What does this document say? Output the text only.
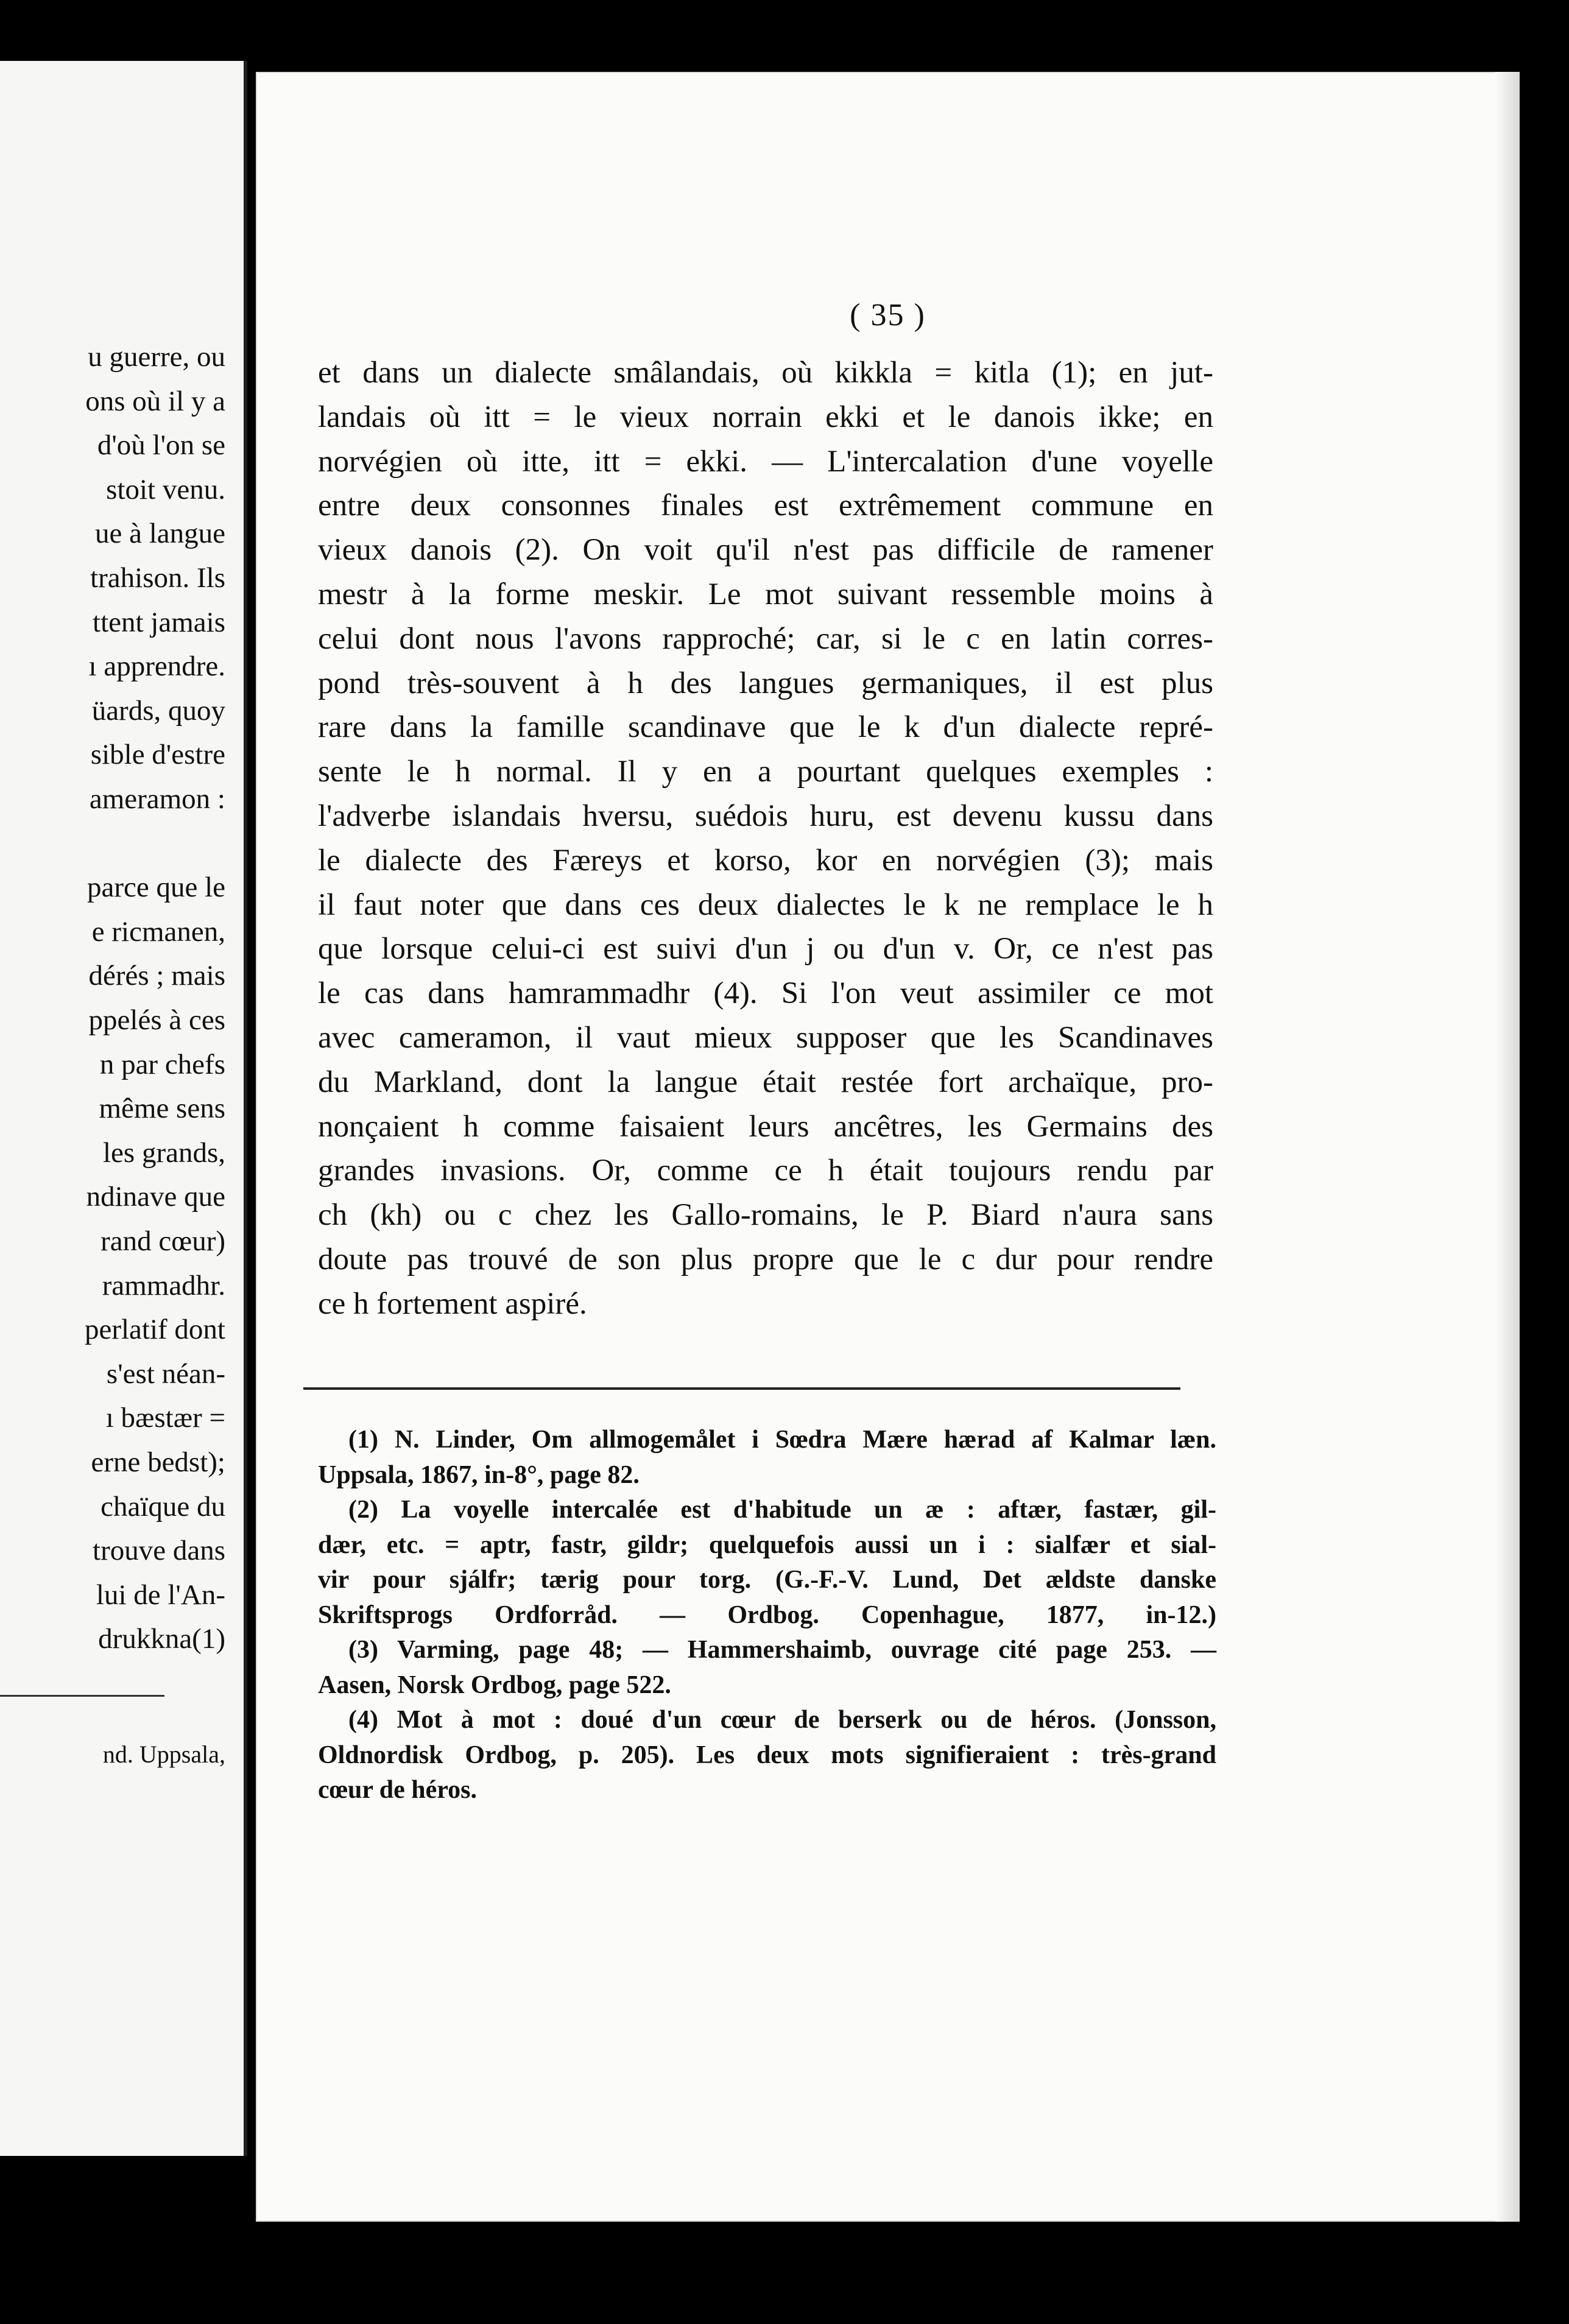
u guerre, ou
ons où il y a
d'où l'on se
stoit venu.
ue à langue
trahison. Ils
ttent jamais
ı apprendre.
üards, quoy
sible d'estre
ameramon :
parce que le
e ricmanen,
dérés ; mais
ppelés à ces
n par chefs
même sens
les grands,
ndinave que
rand cœur)
rammadhr.
perlatif dont
s'est néan-
ı bæstær =
erne bedst);
chaïque du
trouve dans
lui de l'An-
drukkna(1)
nd. Uppsala,
( 35 )
et dans un dialecte smâlandais, où kikkla = kitla (1); en jut-
landais où itt = le vieux norrain ekki et le danois ikke; en
norvégien où itte, itt = ekki. — L'intercalation d'une voyelle
entre deux consonnes finales est extrêmement commune en
vieux danois (2). On voit qu'il n'est pas difficile de ramener
mestr à la forme meskir. Le mot suivant ressemble moins à
celui dont nous l'avons rapproché; car, si le c en latin corres-
pond très-souvent à h des langues germaniques, il est plus
rare dans la famille scandinave que le k d'un dialecte repré-
sente le h normal. Il y en a pourtant quelques exemples :
l'adverbe islandais hversu, suédois huru, est devenu kussu dans
le dialecte des Færeys et korso, kor en norvégien (3); mais
il faut noter que dans ces deux dialectes le k ne remplace le h
que lorsque celui-ci est suivi d'un j ou d'un v. Or, ce n'est pas
le cas dans hamrammadhr (4). Si l'on veut assimiler ce mot
avec cameramon, il vaut mieux supposer que les Scandinaves
du Markland, dont la langue était restée fort archaïque, pro-
nonçaient h comme faisaient leurs ancêtres, les Germains des
grandes invasions. Or, comme ce h était toujours rendu par
ch (kh) ou c chez les Gallo-romains, le P. Biard n'aura sans
doute pas trouvé de son plus propre que le c dur pour rendre
ce h fortement aspiré.
(1) N. Linder, Om allmogemålet i Sœdra Mære hærad af Kalmar læn.
Uppsala, 1867, in-8°, page 82.
(2) La voyelle intercalée est d'habitude un æ : aftær, fastær, gil-
dær, etc. = aptr, fastr, gildr; quelquefois aussi un i : sialfær et sial-
vir pour sjálfr; tærig pour torg. (G.-F.-V. Lund, Det ældste danske
Skriftsprogs Ordforråd. — Ordbog. Copenhague, 1877, in-12.)
(3) Varming, page 48; — Hammershaimb, ouvrage cité page 253. —
Aasen, Norsk Ordbog, page 522.
(4) Mot à mot : doué d'un cœur de berserk ou de héros. (Jonsson,
Oldnordisk Ordbog, p. 205). Les deux mots signifieraient : très-grand
cœur de héros.
